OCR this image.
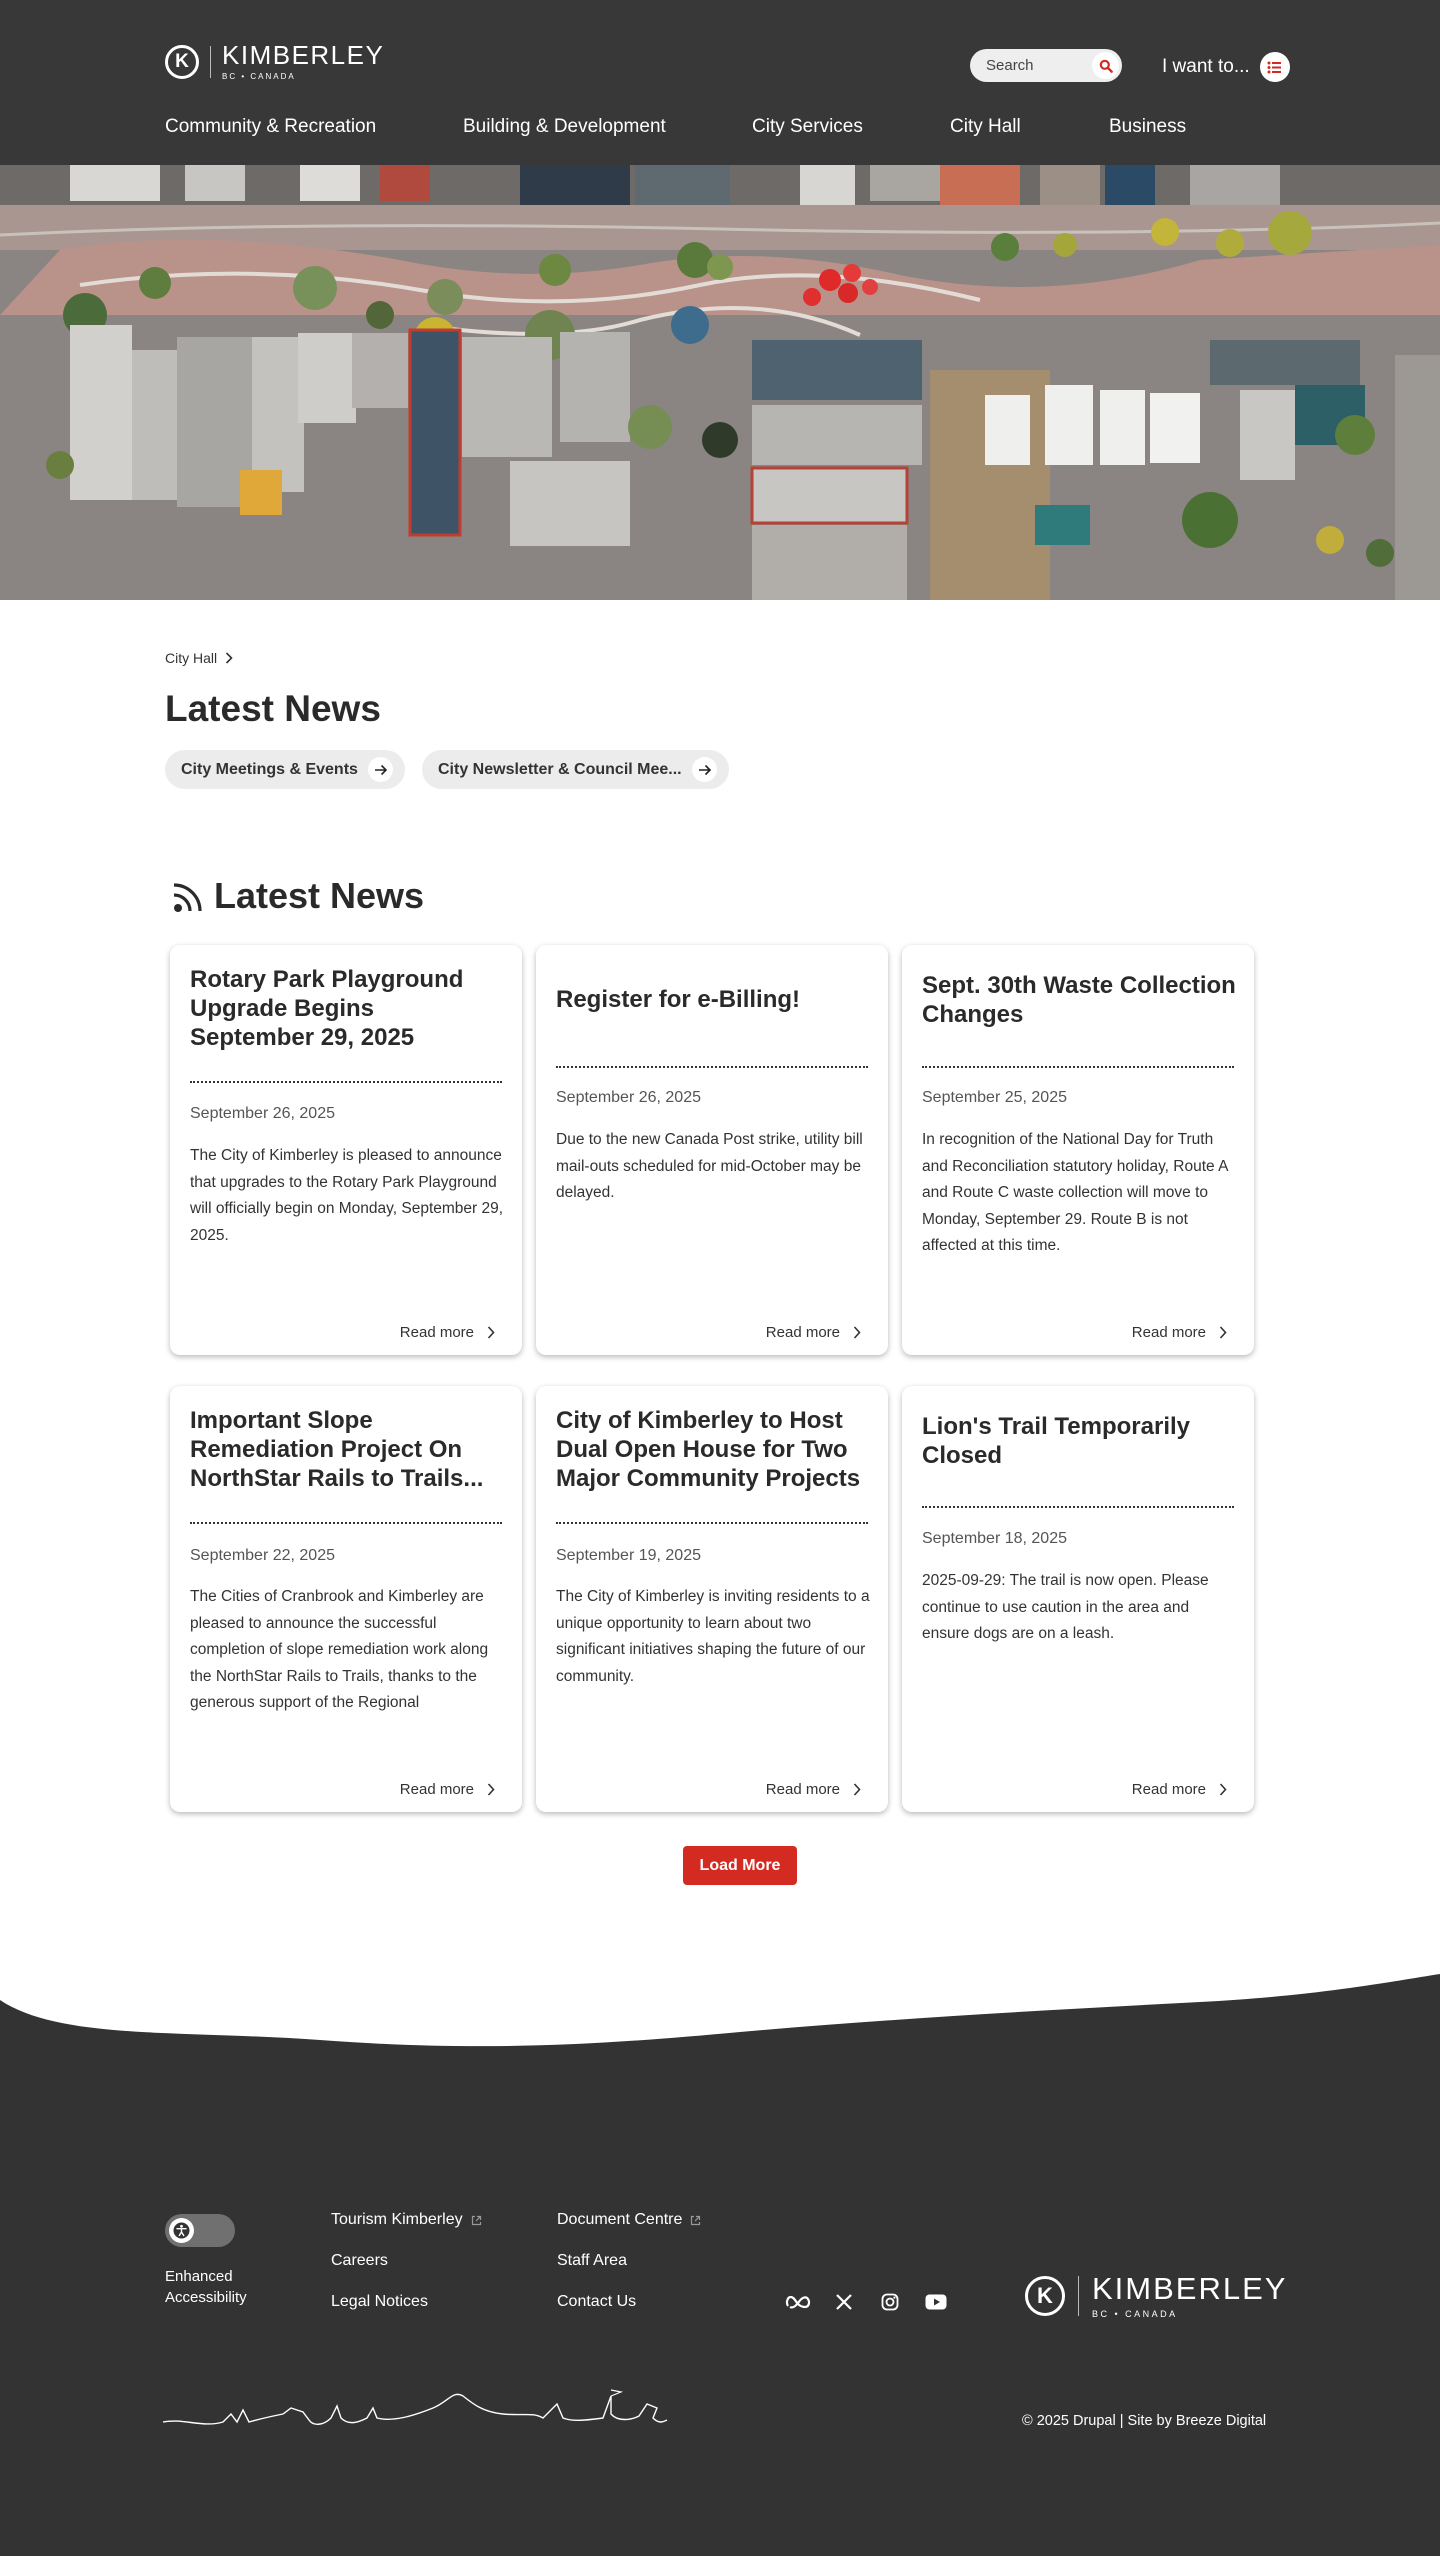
K	KIMBERLEY
BC • CANADA
Search	I want to...
Community & Recreation	Building & Development	City Services	City Hall	Business
City Hall
Latest News
City Meetings & Events	City Newsletter & Council Mee...
Latest News
Rotary Park Playground Upgrade Begins September 29, 2025
September 26, 2025

The City of Kimberley is pleased to announce that upgrades to the Rotary Park Playground will officially begin on Monday, September 29, 2025.

Read more
Register for e-Billing!
September 26, 2025

Due to the new Canada Post strike, utility bill mail-outs scheduled for mid-October may be delayed.

Read more
Sept. 30th Waste Collection Changes
September 25, 2025

In recognition of the National Day for Truth and Reconciliation statutory holiday, Route A and Route C waste collection will move to Monday, September 29. Route B is not affected at this time.

Read more
Important Slope Remediation Project On NorthStar Rails to Trails...
September 22, 2025

The Cities of Cranbrook and Kimberley are pleased to announce the successful completion of slope remediation work along the NorthStar Rails to Trails, thanks to the generous support of the Regional

Read more
City of Kimberley to Host Dual Open House for Two Major Community Projects
September 19, 2025

The City of Kimberley is inviting residents to a unique opportunity to learn about two significant initiatives shaping the future of our community.

Read more
Lion's Trail Temporarily Closed
September 18, 2025

2025-09-29: The trail is now open. Please continue to use caution in the area and ensure dogs are on a leash.

Read more
Load More
Enhanced Accessibility
Tourism Kimberley
Careers
Legal Notices
Document Centre
Staff Area
Contact Us	K	KIMBERLEY
BC • CANADA
© 2025 Drupal | Site by Breeze Digital
